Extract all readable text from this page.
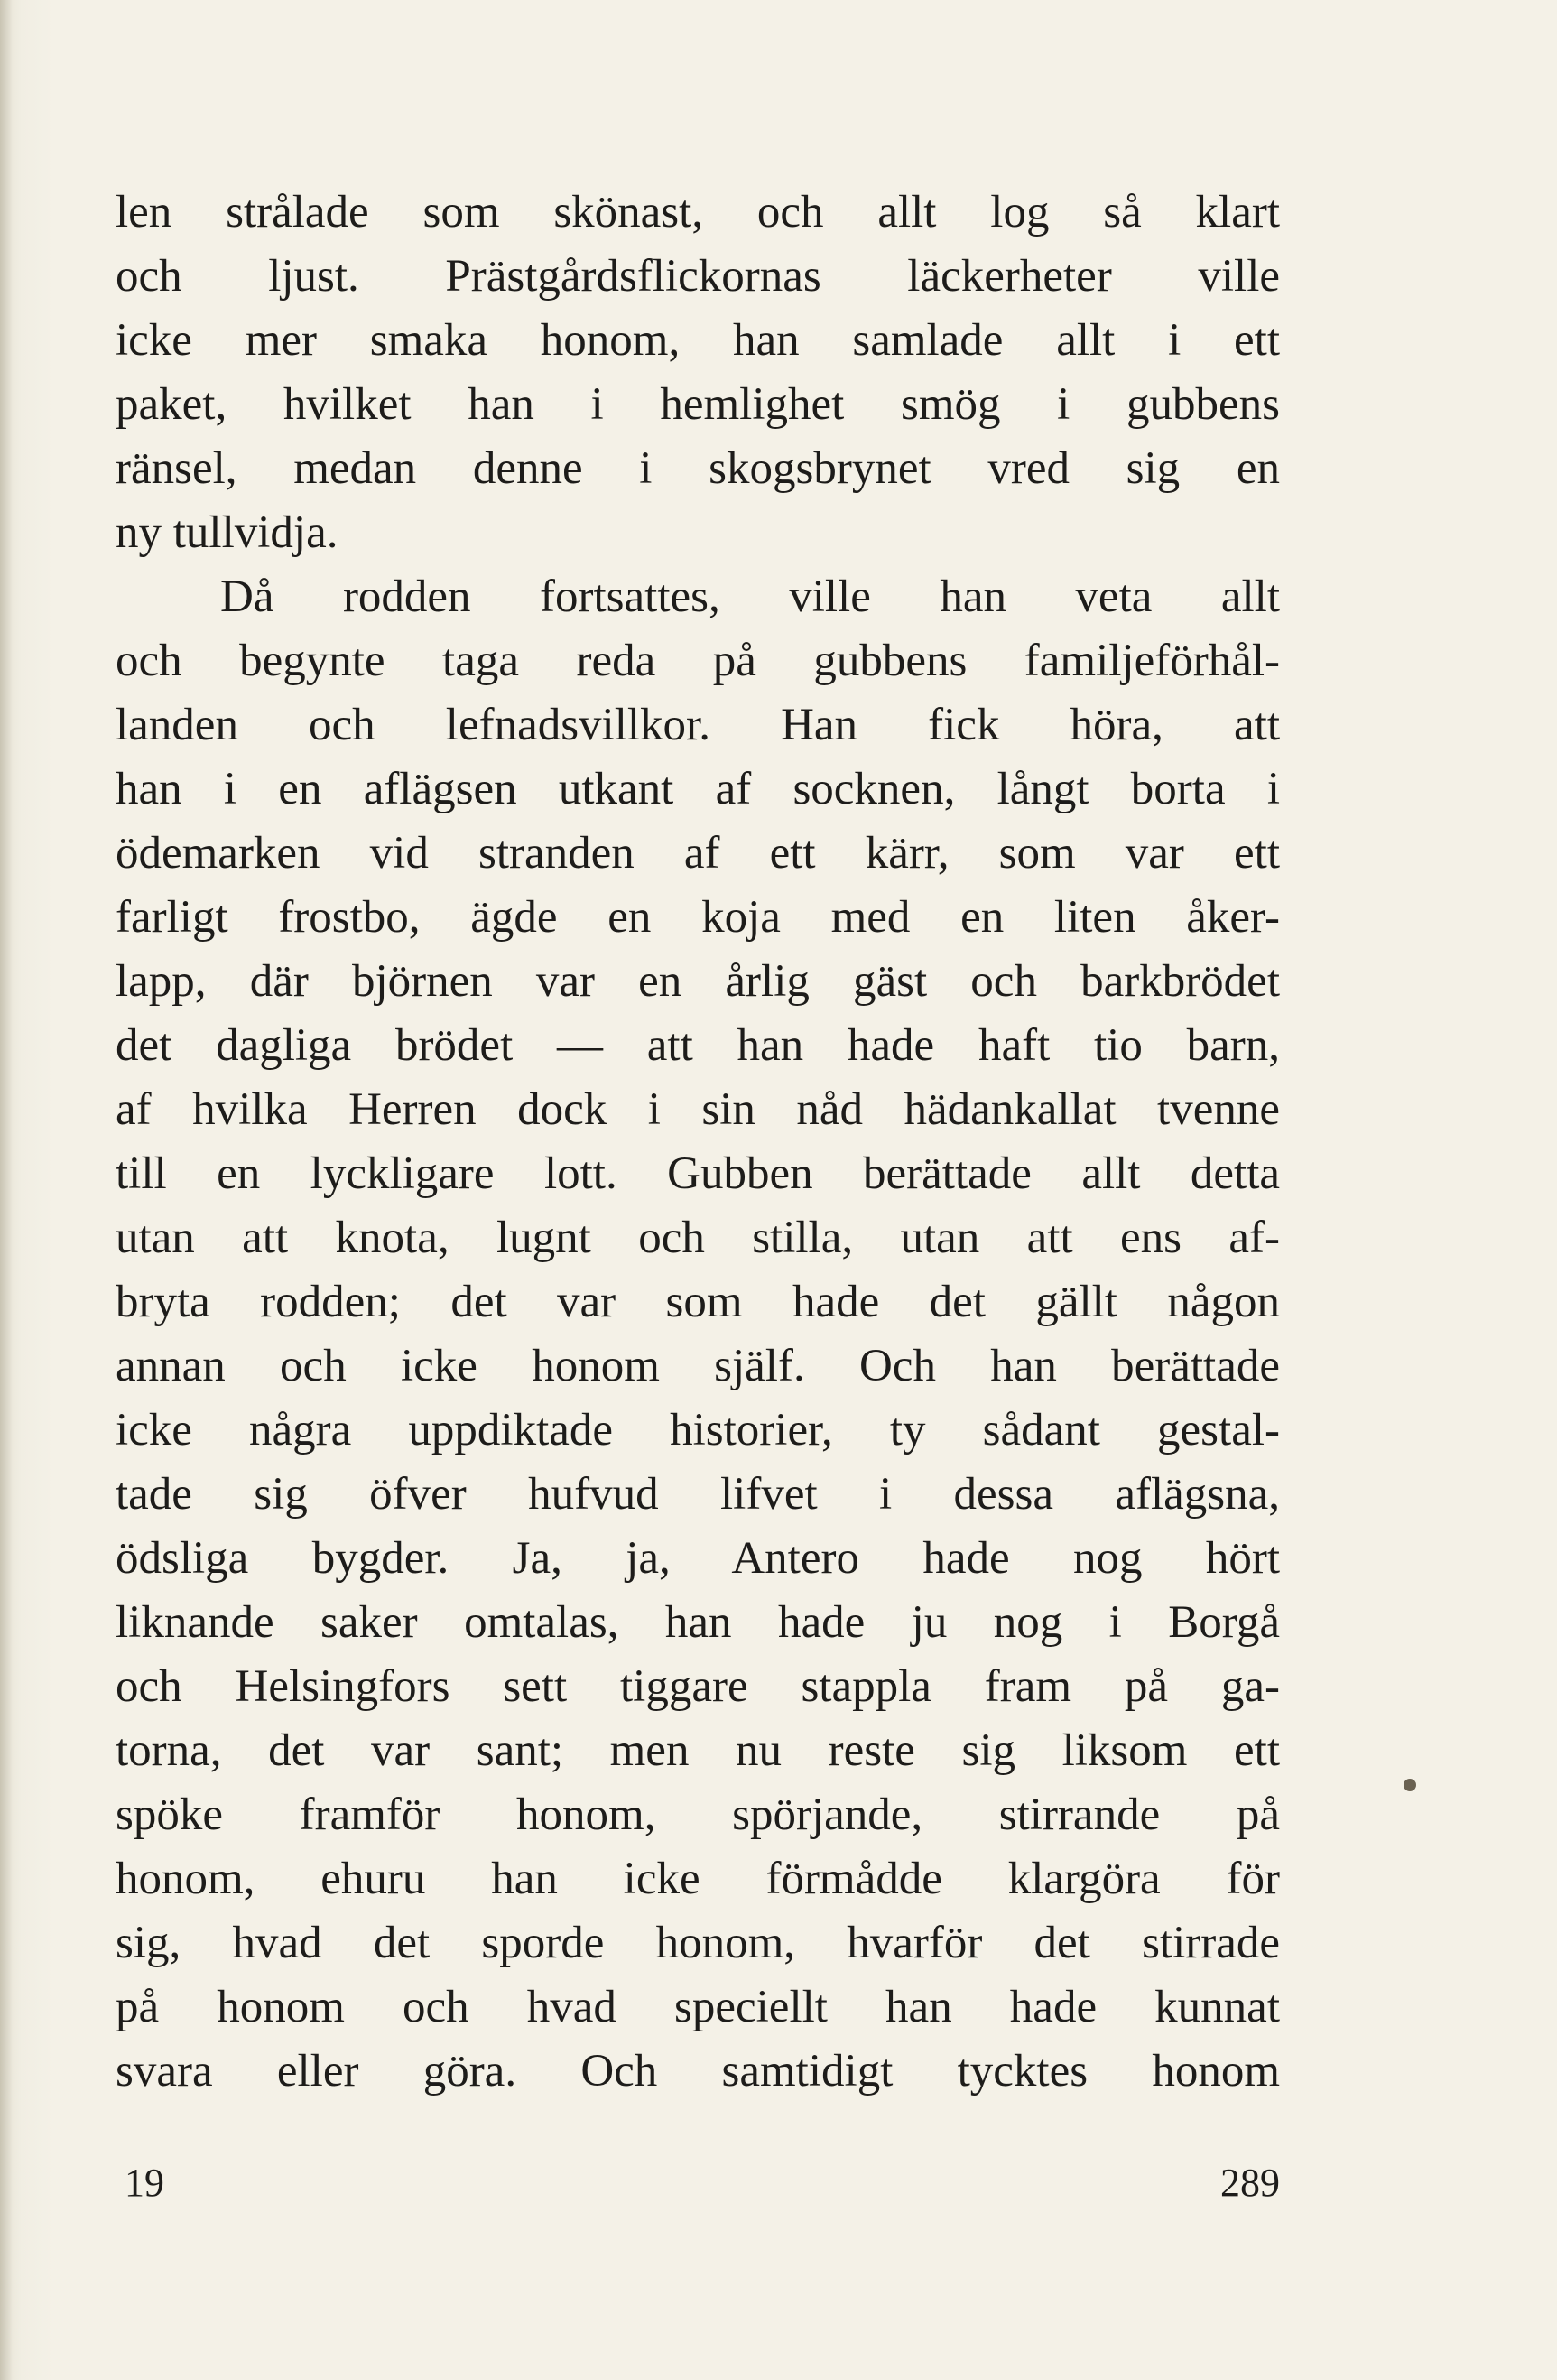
len strålade som skönast, och allt log så klart
och ljust. Prästgårdsflickornas läckerheter ville
icke mer smaka honom, han samlade allt i ett
paket, hvilket han i hemlighet smög i gubbens
ränsel, medan denne i skogsbrynet vred sig en
ny tullvidja.
Då rodden fortsattes, ville han veta allt
och begynte taga reda på gubbens familjeförhål-
landen och lefnadsvillkor. Han fick höra, att
han i en aflägsen utkant af socknen, långt borta i
ödemarken vid stranden af ett kärr, som var ett
farligt frostbo, ägde en koja med en liten åker-
lapp, där björnen var en årlig gäst och barkbrödet
det dagliga brödet — att han hade haft tio barn,
af hvilka Herren dock i sin nåd hädankallat tvenne
till en lyckligare lott. Gubben berättade allt detta
utan att knota, lugnt och stilla, utan att ens af-
bryta rodden; det var som hade det gällt någon
annan och icke honom själf. Och han berättade
icke några uppdiktade historier, ty sådant gestal-
tade sig öfver hufvud lifvet i dessa aflägsna,
ödsliga bygder. Ja, ja, Antero hade nog hört
liknande saker omtalas, han hade ju nog i Borgå
och Helsingfors sett tiggare stappla fram på ga-
torna, det var sant; men nu reste sig liksom ett
spöke framför honom, spörjande, stirrande på
honom, ehuru han icke förmådde klargöra för
sig, hvad det sporde honom, hvarför det stirrade
på honom och hvad speciellt han hade kunnat
svara eller göra. Och samtidigt tycktes honom
19	289
